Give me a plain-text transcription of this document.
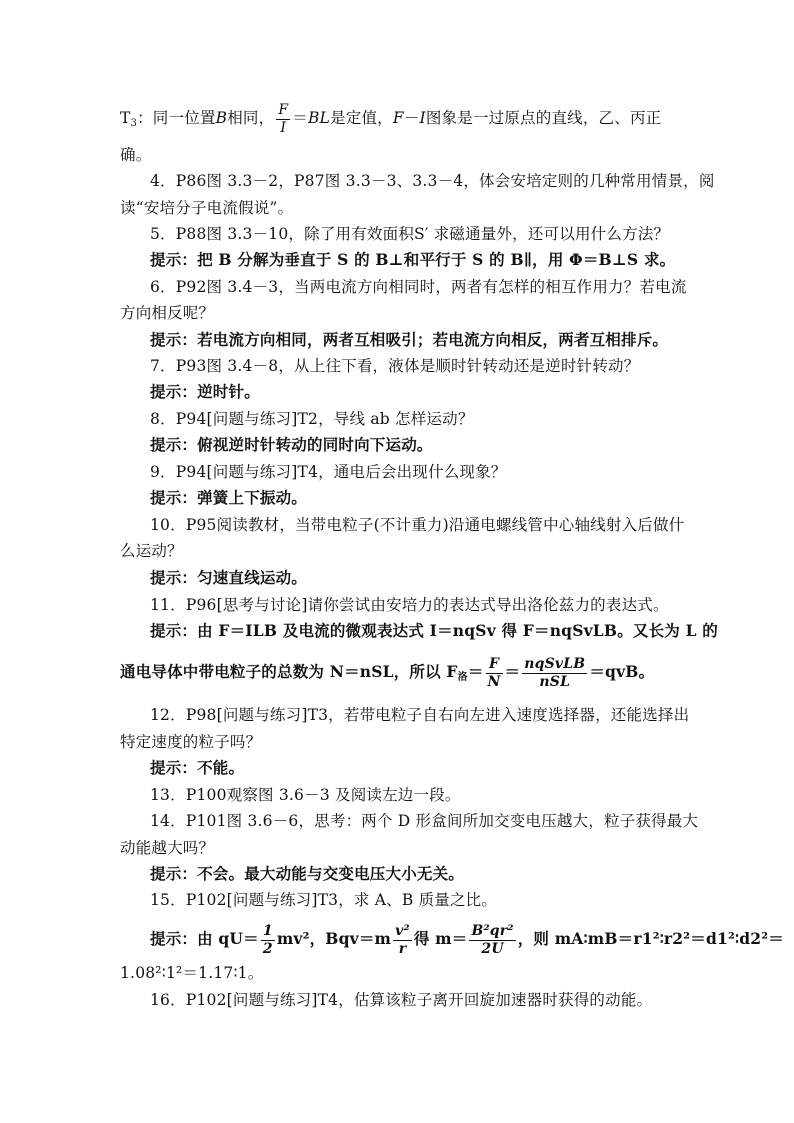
$T_3$：同一位置B相同， $\frac{F}{I} =BL$是定值，F－I图象是一过原点的直线，乙、丙正
确。
4．P86图 3.3－2，P87图 3.3－3、3.3－4，体会安培定则的几种常用情景，阅
读“安培分子电流假说”。
5．P88图 3.3－10，除了用有效面积S′ 求磁通量外，还可以用什么方法？
提示：把 B 分解为垂直于 S 的 B⊥和平行于 S 的 B∥，用 Φ＝B⊥S 求。
6．P92图 3.4－3，当两电流方向相同时，两者有怎样的相互作用力？若电流
方向相反呢？
提示：若电流方向相同，两者互相吸引；若电流方向相反，两者互相排斥。
7．P93图 3.4－8，从上往下看，液体是顺时针转动还是逆时针转动？
提示：逆时针。
8．P94[问题与练习]T2，导线 ab 怎样运动？
提示：俯视逆时针转动的同时向下运动。
9．P94[问题与练习]T4，通电后会出现什么现象？
提示：弹簧上下振动。
10．P95阅读教材，当带电粒子(不计重力)沿通电螺线管中心轴线射入后做什
么运动？
提示：匀速直线运动。
11．P96[思考与讨论]请你尝试由安培力的表达式导出洛伦兹力的表达式。
提示：由 F＝ILB 及电流的微观表达式 I＝nqSv 得 F＝nqSvLB。又长为 L 的
通电导体中带电粒子的总数为 N＝nSL，所以 $F_洛= \frac{F}{N} = \frac{\text{nqSvLB}}{\text{nSL}} =qvB$。
12．P98[问题与练习]T3，若带电粒子自右向左进入速度选择器，还能选择出
特定速度的粒子吗？
提示：不能。
13．P100观察图 3.6－3 及阅读左边一段。
14．P101图 3.6－6，思考：两个 D 形盒间所加交变电压越大，粒子获得最大
动能越大吗？
提示：不会。最大动能与交变电压大小无关。
15．P102[问题与练习]T3，求 A、B 质量之比。
提示：由 $qU= \frac{1}{2} mv^2$，$Bqv=m \frac{\text{v²}}{r}$ 得 $m= \frac{\text{B²qr²}}{2U}$ ，则 mA∶mB＝r1²∶r2²＝d1²∶d2²＝
1.08²∶1²＝1.17∶1。
16．P102[问题与练习]T4，估算该粒子离开回旋加速器时获得的动能。
